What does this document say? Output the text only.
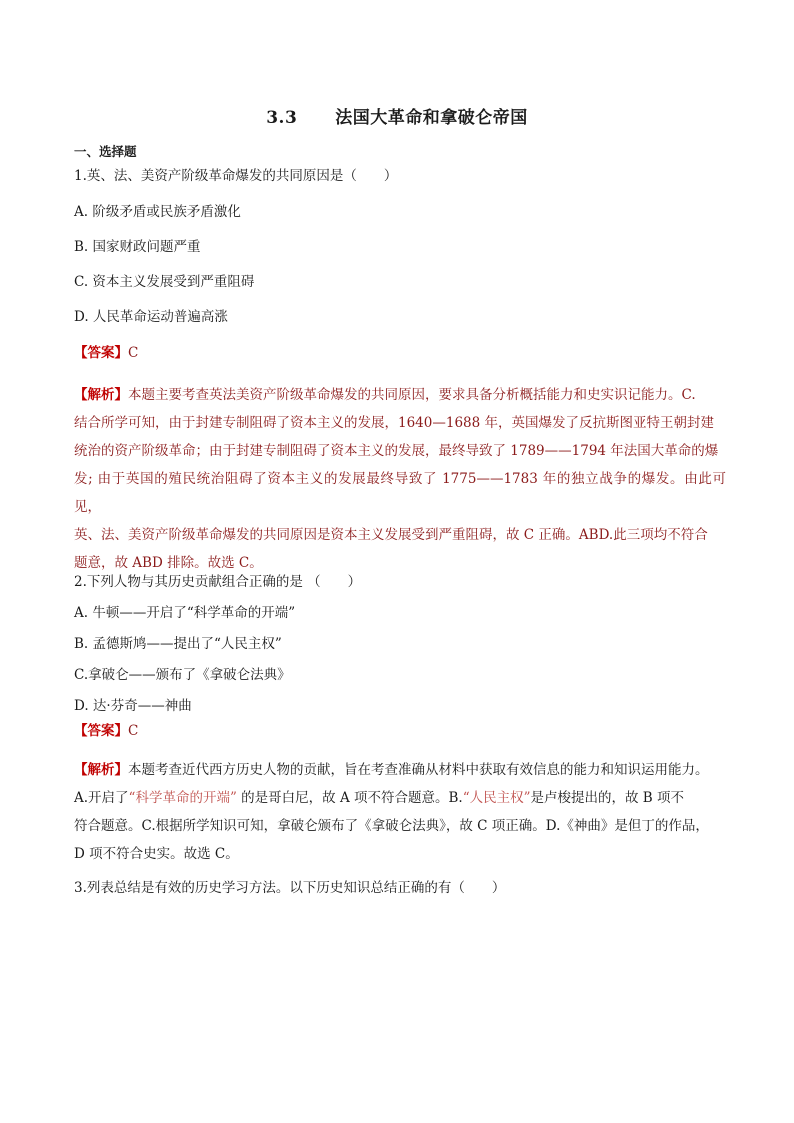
3.3 法国大革命和拿破仑帝国
一、选择题
1.英、法、美资产阶级革命爆发的共同原因是（　　）
A. 阶级矛盾或民族矛盾激化
B. 国家财政问题严重
C. 资本主义发展受到严重阻碍
D. 人民革命运动普遍高涨
【答案】C
【解析】本题主要考查英法美资产阶级革命爆发的共同原因，要求具备分析概括能力和史实识记能力。C.
结合所学可知，由于封建专制阻碍了资本主义的发展，1640—1688 年，英国爆发了反抗斯图亚特王朝封建
统治的资产阶级革命；由于封建专制阻碍了资本主义的发展，最终导致了 1789——1794 年法国大革命的爆
发; 由于英国的殖民统治阻碍了资本主义的发展最终导致了 1775——1783 年的独立战争的爆发。由此可见，
英、法、美资产阶级革命爆发的共同原因是资本主义发展受到严重阻碍，故 C 正确。ABD.此三项均不符合
题意，故 ABD 排除。故选 C。
2.下列人物与其历史贡献组合正确的是 （　　）
A. 牛顿——开启了“科学革命的开端”
B. 孟德斯鸠——提出了“人民主权”
C.拿破仑——颁布了《拿破仑法典》
D. 达·芬奇——神曲
【答案】C
【解析】本题考查近代西方历史人物的贡献，旨在考查准确从材料中获取有效信息的能力和知识运用能力。
A.开启了“科学革命的开端” 的是哥白尼，故 A 项不符合题意。B.“人民主权”是卢梭提出的，故 B 项不
符合题意。C.根据所学知识可知，拿破仑颁布了《拿破仑法典》，故 C 项正确。D.《神曲》是但丁的作品，
D 项不符合史实。故选 C。
3.列表总结是有效的历史学习方法。以下历史知识总结正确的有（　　）
